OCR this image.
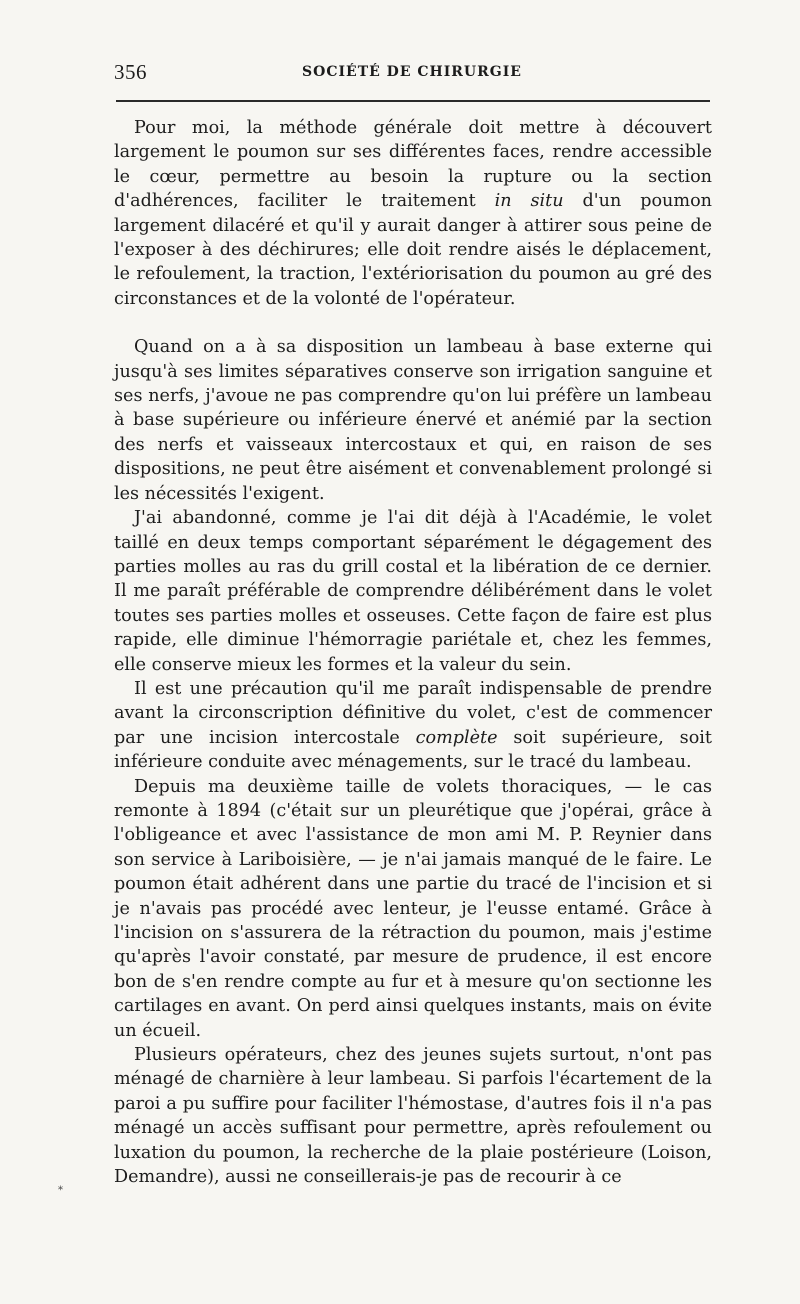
356	SOCIÉTÉ DE CHIRURGIE

Pour moi, la méthode générale doit mettre à découvert largement le poumon sur ses différentes faces, rendre accessible le cœur, permettre au besoin la rupture ou la section d'adhérences, faciliter le traitement in situ d'un poumon largement dilacéré et qu'il y aurait danger à attirer sous peine de l'exposer à des déchirures; elle doit rendre aisés le déplacement, le refoulement, la traction, l'extériorisation du poumon au gré des circonstances et de la volonté de l'opérateur.

Quand on a à sa disposition un lambeau à base externe qui jusqu'à ses limites séparatives conserve son irrigation sanguine et ses nerfs, j'avoue ne pas comprendre qu'on lui préfère un lambeau à base supérieure ou inférieure énervé et anémié par la section des nerfs et vaisseaux intercostaux et qui, en raison de ses dispositions, ne peut être aisément et convenablement prolongé si les nécessités l'exigent.

J'ai abandonné, comme je l'ai dit déjà à l'Académie, le volet taillé en deux temps comportant séparément le dégagement des parties molles au ras du grill costal et la libération de ce dernier. Il me paraît préférable de comprendre délibérément dans le volet toutes ses parties molles et osseuses. Cette façon de faire est plus rapide, elle diminue l'hémorragie pariétale et, chez les femmes, elle conserve mieux les formes et la valeur du sein.

Il est une précaution qu'il me paraît indispensable de prendre avant la circonscription définitive du volet, c'est de commencer par une incision intercostale complète soit supérieure, soit inférieure conduite avec ménagements, sur le tracé du lambeau.

Depuis ma deuxième taille de volets thoraciques, — le cas remonte à 1894 (c'était sur un pleurétique que j'opérai, grâce à l'obligeance et avec l'assistance de mon ami M. P. Reynier dans son service à Lariboisière, — je n'ai jamais manqué de le faire. Le poumon était adhérent dans une partie du tracé de l'incision et si je n'avais pas procédé avec lenteur, je l'eusse entamé. Grâce à l'incision on s'assurera de la rétraction du poumon, mais j'estime qu'après l'avoir constaté, par mesure de prudence, il est encore bon de s'en rendre compte au fur et à mesure qu'on sectionne les cartilages en avant. On perd ainsi quelques instants, mais on évite un écueil.

Plusieurs opérateurs, chez des jeunes sujets surtout, n'ont pas ménagé de charnière à leur lambeau. Si parfois l'écartement de la paroi a pu suffire pour faciliter l'hémostase, d'autres fois il n'a pas ménagé un accès suffisant pour permettre, après refoulement ou luxation du poumon, la recherche de la plaie postérieure (Loison, Demandre), aussi ne conseillerais-je pas de recourir à ce

*
